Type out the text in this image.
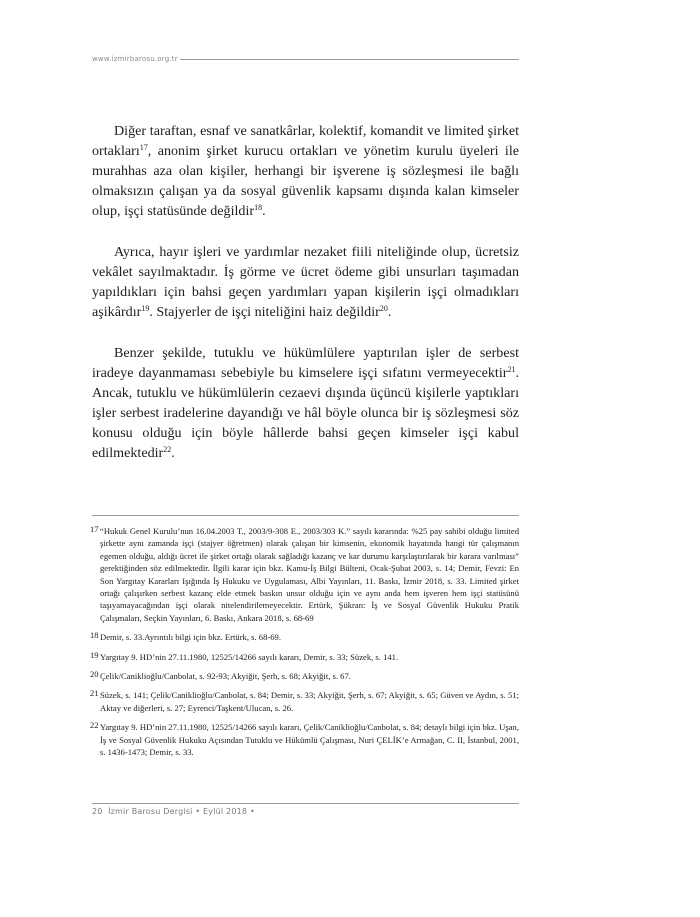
www.izmirbarosu.org.tr

Diğer taraftan, esnaf ve sanatkârlar, kolektif, komandit ve limited şirket ortakları$^{17}$, anonim şirket kurucu ortakları ve yönetim kurulu üyeleri ile murahhas aza olan kişiler, herhangi bir işverene iş sözleşmesi ile bağlı olmaksızın çalışan ya da sosyal güvenlik kapsamı dışında kalan kimseler olup, işçi statüsünde değildir$^{18}$.

Ayrıca, hayır işleri ve yardımlar nezaket fiili niteliğinde olup, ücretsiz vekâlet sayılmaktadır. İş görme ve ücret ödeme gibi unsurları taşımadan yapıldıkları için bahsi geçen yardımları yapan kişilerin işçi olmadıkları aşikârdır$^{19}$. Stajyerler de işçi niteliğini haiz değildir$^{20}$.

Benzer şekilde, tutuklu ve hükümlülere yaptırılan işler de serbest iradeye dayanmaması sebebiyle bu kimselere işçi sıfatını vermeyecektir$^{21}$. Ancak, tutuklu ve hükümlülerin cezaevi dışında üçüncü kişilerle yaptıkları işler serbest iradelerine dayandığı ve hâl böyle olunca bir iş sözleşmesi söz konusu olduğu için böyle hâllerde bahsi geçen kimseler işçi kabul edilmektedir$^{22}$.

17 “Hukuk Genel Kurulu’nun 16.04.2003 T., 2003/9-308 E., 2003/303 K.” sayılı kararında: %25 pay sahibi olduğu limited şirkette aynı zamanda işçi (stajyer öğretmen) olarak çalışan bir kimsenin, ekonomik hayatında hangi tür çalışmanın egemen olduğu, aldığı ücret ile şirket ortağı olarak sağladığı kazanç ve kar durumu karşılaştırılarak bir karara varılması” gerektiğinden söz edilmektedir. İlgili karar için bkz. Kamu-İş Bilgi Bülteni, Ocak-Şubat 2003, s. 14; Demir, Fevzi: En Son Yargıtay Kararları Işığında İş Hukuku ve Uygulaması, Albi Yayınları, 11. Baskı, İzmir 2018, s. 33. Limited şirket ortağı çalışırken serbest kazanç elde etmek baskın unsur olduğu için ve aynı anda hem işveren hem işçi statüsünü taşıyamayacağından işçi olarak nitelendirilemeyecektir. Ertürk, Şükran: İş ve Sosyal Güvenlik Hukuku Pratik Çalışmaları, Seçkin Yayınları, 6. Baskı, Ankara 2018, s. 68-69
18 Demir, s. 33.Ayrıntılı bilgi için bkz. Ertürk, s. 68-69.
19 Yargıtay 9. HD’nin 27.11.1980, 12525/14266 sayılı kararı, Demir, s. 33; Süzek, s. 141.
20 Çelik/Caniklioğlu/Canbolat, s. 92-93; Akyiğit, Şerh, s. 68; Akyiğit, s. 67.
21 Süzek, s. 141; Çelik/Caniklioğlu/Canbolat, s. 84; Demir, s. 33; Akyiğit, Şerh, s. 67; Akyiğit, s. 65; Güven ve Aydın, s. 51; Aktay ve diğerleri, s. 27; Eyrenci/Taşkent/Ulucan, s. 26.
22 Yargıtay 9. HD’nin 27.11.1980, 12525/14266 sayılı kararı, Çelik/Caniklioğlu/Canbolat, s. 84; detaylı bilgi için bkz. Uşan, İş ve Sosyal Güvenlik Hukuku Açısından Tutuklu ve Hükümlü Çalışması, Nuri ÇELİK’e Armağan, C. II, İstanbul, 2001, s. 1436-1473; Demir, s. 33.
20 İzmir Barosu Dergisi • Eylül 2018 •
